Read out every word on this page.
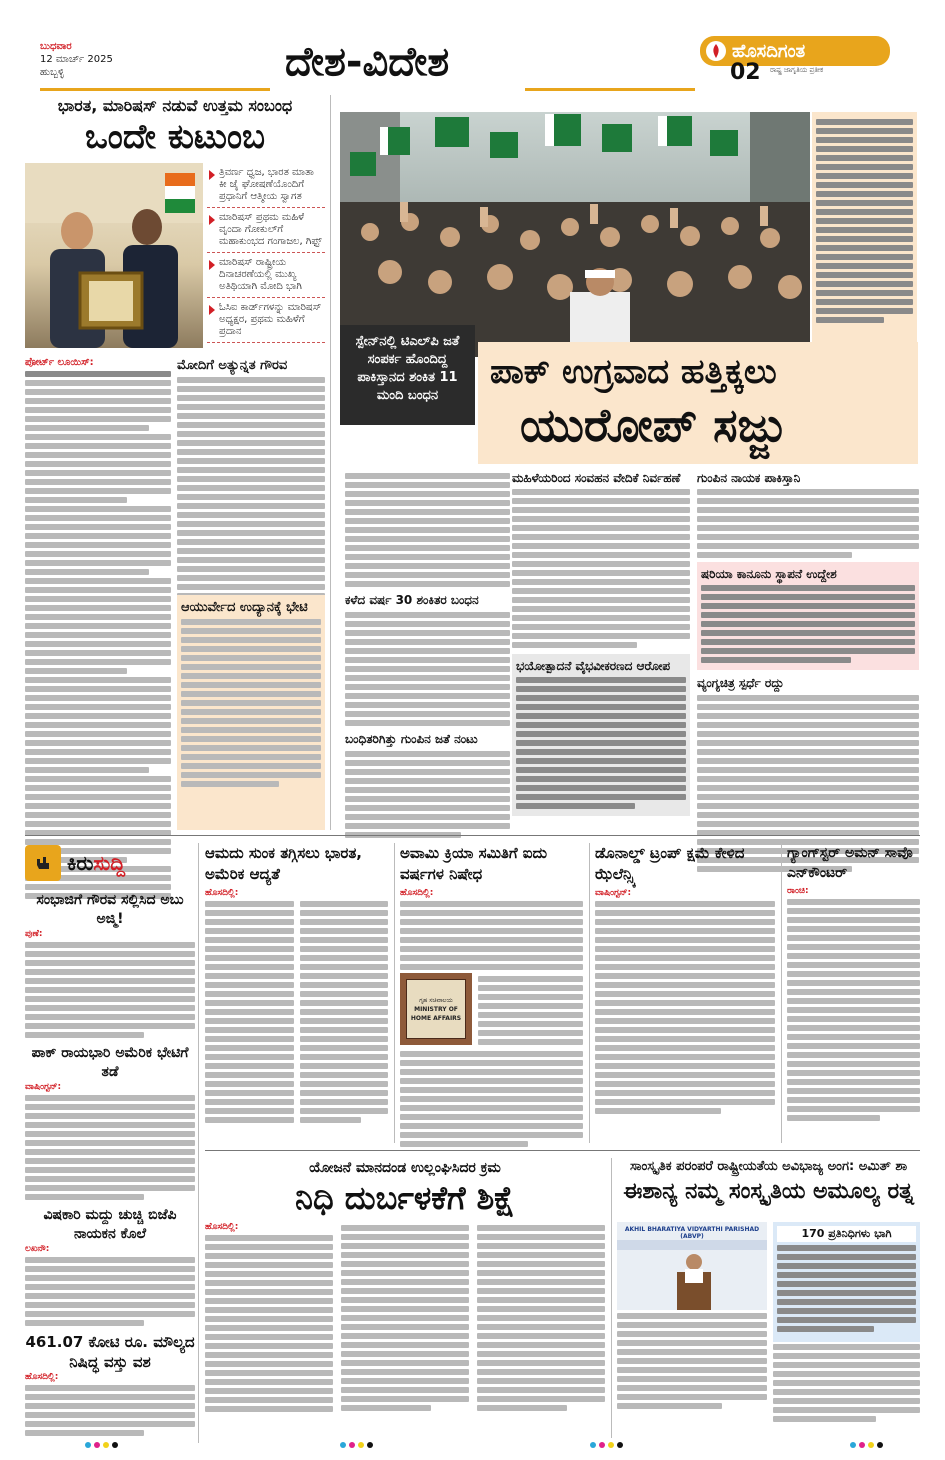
ಬುಧವಾರ
12 ಮಾರ್ಚ್ 2025
ಹುಬ್ಬಳ್ಳಿ	ದೇಶ-ವಿದೇಶ	ಹೊಸದಿಗಂತ
ರಾಷ್ಟ್ರ ಜಾಗೃತಿಯ ಪ್ರತೀಕ
02
ಭಾರತ, ಮಾರಿಷಸ್ ನಡುವೆ ಉತ್ತಮ ಸಂಬಂಧ
ಒಂದೇ ಕುಟುಂಬ
ತ್ರಿವರ್ಣ ಧ್ವಜ, ಭಾರತ ಮಾತಾ ಕೀ ಜೈ ಘೋಷಣೆಯೊಂದಿಗೆ ಪ್ರಧಾನಿಗೆ ಆತ್ಮೀಯ ಸ್ವಾಗತ
ಮಾರಿಷಸ್ ಪ್ರಥಮ ಮಹಿಳೆ ವೃಂದಾ ಗೋಕುಲ್‌ಗೆ ಮಹಾಕುಂಭದ ಗಂಗಾಜಲ, ಗಿಫ್ಟ್
ಮಾರಿಷಸ್ ರಾಷ್ಟ್ರೀಯ ದಿನಾಚರಣೆಯಲ್ಲಿ ಮುಖ್ಯ ಅತಿಥಿಯಾಗಿ ಮೋದಿ ಭಾಗಿ
ಓಸಿಐ ಕಾರ್ಡ್‌ಗಳನ್ನು ಮಾರಿಷಸ್ ಅಧ್ಯಕ್ಷರ, ಪ್ರಥಮ ಮಹಿಳೆಗೆ ಪ್ರದಾನ
ಪೋರ್ಟ್ ಲೂಯಿಸ್:	ಮೋದಿಗೆ ಅತ್ಯುನ್ನತ ಗೌರವ
ಆಯುರ್ವೇದ ಉದ್ಯಾನಕ್ಕೆ ಭೇಟಿ
ಸ್ಪೇನ್‌ನಲ್ಲಿ ಟಿಎಲ್‌ಪಿ ಜತೆ ಸಂಪರ್ಕ ಹೊಂದಿದ್ದ ಪಾಕಿಸ್ತಾನದ ಶಂಕಿತ 11 ಮಂದಿ ಬಂಧನ
ಪಾಕ್ ಉಗ್ರವಾದ ಹತ್ತಿಕ್ಕಲು
ಯುರೋಪ್ ಸಜ್ಜು
ಕಳೆದ ವರ್ಷ 30 ಶಂಕಿತರ ಬಂಧನ
ಬಂಧಿತರಿಗಿತ್ತು ಗುಂಪಿನ ಜತೆ ನಂಟು
ಮಹಿಳೆಯರಿಂದ ಸಂವಹನ ವೇದಿಕೆ ನಿರ್ವಹಣೆ
ಭಯೋತ್ಪಾದನೆ ವೈಭವೀಕರಣದ ಆರೋಪ
ಗುಂಪಿನ ನಾಯಕ ಪಾಕಿಸ್ತಾನಿ
ಷರಿಯಾ ಕಾನೂನು ಸ್ಥಾಪನೆ ಉದ್ದೇಶ
ವ್ಯಂಗ್ಯಚಿತ್ರ ಸ್ಪರ್ಧೆ ರದ್ದು
ಕಿರು ಸುದ್ದಿ
ಸಂಭಾಜಿಗೆ ಗೌರವ ಸಲ್ಲಿಸಿದ ಅಬು ಅಜ್ಮಿ!
ಪುಣೆ:
ಪಾಕ್ ರಾಯಭಾರಿ ಅಮೆರಿಕ ಭೇಟಿಗೆ ತಡೆ
ವಾಷಿಂಗ್ಟನ್:
ವಿಷಕಾರಿ ಮದ್ದು ಚುಚ್ಚಿ ಬಿಜೆಪಿ ನಾಯಕನ ಕೊಲೆ
ಲಖನೌ:
461.07 ಕೋಟಿ ರೂ. ಮೌಲ್ಯದ ನಿಷಿದ್ಧ ವಸ್ತು ವಶ
ಹೊಸದಿಲ್ಲಿ:
ಆಮದು ಸುಂಕ ತಗ್ಗಿಸಲು ಭಾರತ, ಅಮೆರಿಕ ಆದ್ಯತೆ
ಹೊಸದಿಲ್ಲಿ:
ಅವಾಮಿ ಕ್ರಿಯಾ ಸಮಿತಿಗೆ ಐದು ವರ್ಷಗಳ ನಿಷೇಧ
ಹೊಸದಿಲ್ಲಿ:
ಗೃಹ ಸಚಿವಾಲಯ
MINISTRY OF
HOME AFFAIRS
ಡೊನಾಲ್ಡ್ ಟ್ರಂಪ್ ಕ್ಷಮೆ ಕೇಳಿದ ಝೆಲೆನ್ಸ್ಕಿ
ವಾಷಿಂಗ್ಟನ್:
ಗ್ಯಾಂಗ್‌ಸ್ಟರ್ ಅಮನ್ ಸಾವೊ ಎನ್‌ಕೌಂಟರ್
ರಾಂಚಿ:
ಯೋಜನೆ ಮಾನದಂಡ ಉಲ್ಲಂಘಿಸಿದರ ಕ್ರಮ
ನಿಧಿ ದುರ್ಬಳಕೆಗೆ ಶಿಕ್ಷೆ
ಹೊಸದಿಲ್ಲಿ:
ಸಾಂಸ್ಕೃತಿಕ ಪರಂಪರೆ ರಾಷ್ಟ್ರೀಯತೆಯ ಅವಿಭಾಜ್ಯ ಅಂಗ: ಅಮಿತ್ ಶಾ
ಈಶಾನ್ಯ ನಮ್ಮ ಸಂಸ್ಕೃತಿಯ ಅಮೂಲ್ಯ ರತ್ನ
AKHIL BHARATIYA VIDYARTHI PARISHAD (ABVP)	170 ಪ್ರತಿನಿಧಿಗಳು ಭಾಗಿ
